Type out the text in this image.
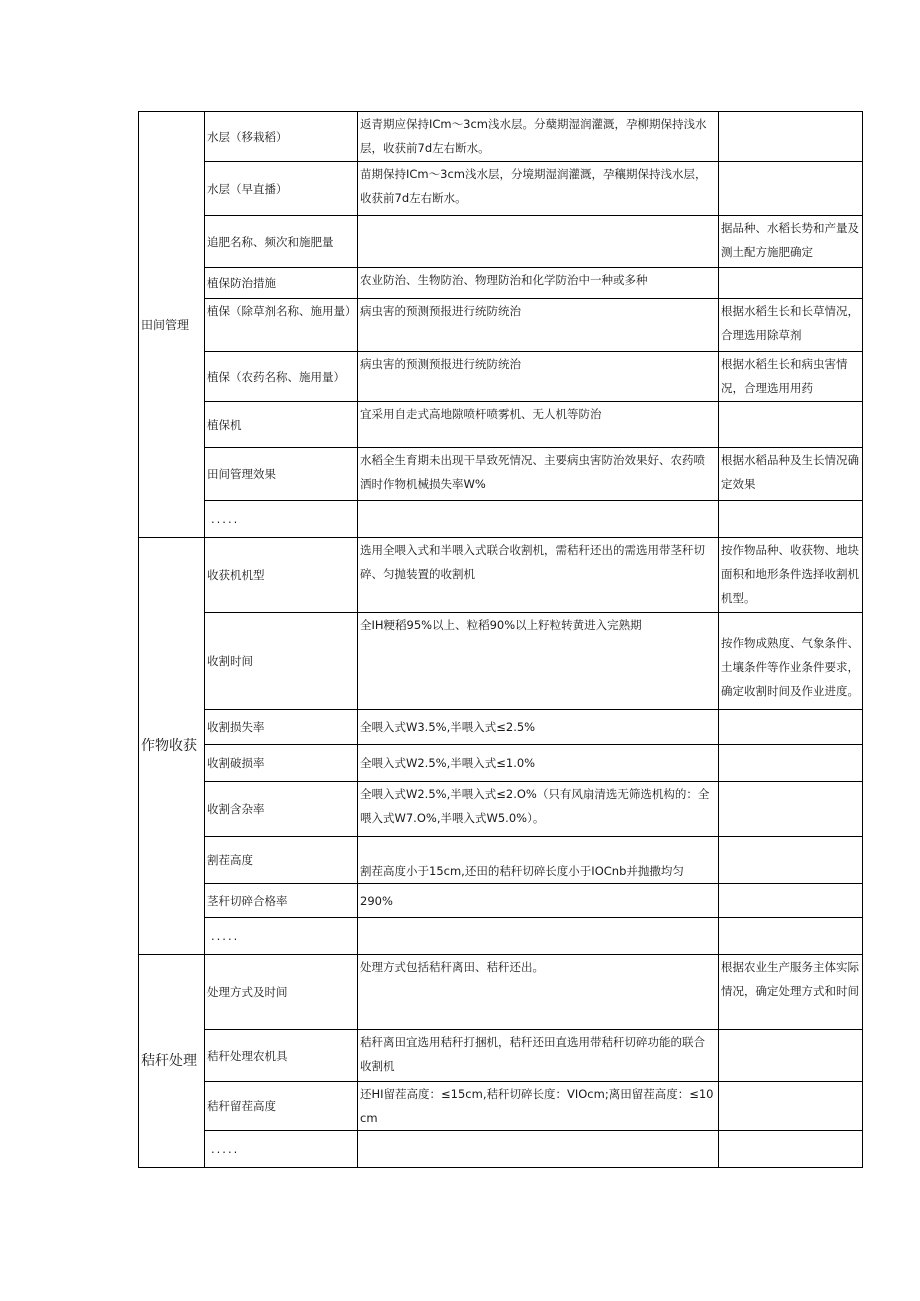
田间管理	水层（移栽稻）	返青期应保持ICm～3cm浅水层。分蘖期湿润灌溉，孕柳期保持浅水层，收获前7d左右断水。	
	水层（早直播）	苗期保持ICm～3cm浅水层，分境期湿润灌溉，孕穰期保持浅水层，收获前7d左右断水。	
	追肥名称、频次和施肥量		据品种、水稻长势和产量及测土配方施肥确定
	植保防治措施	农业防治、生物防治、物理防治和化学防治中一种或多种	
	植保（除草剂名称、施用量）	病虫害的预测预报进行统防统治	根据水稻生长和长草情况，合理选用除草剂
	植保（农药名称、施用量）	病虫害的预测预报进行统防统治	根据水稻生长和病虫害情况，合理选用用药
	植保机	宜采用自走式高地隙喷杆喷雾机、无人机等防治	
	田间管理效果	水稻全生育期未出现干旱致死情况、主要病虫害防治效果好、农药喷洒时作物机械损失率W%	根据水稻品种及生长情况确定效果
	.....		
作物收获	收获机机型	选用全喂入式和半喂入式联合收割机，需秸秆还出的需选用带茎秆切碎、匀抛装置的收割机	按作物品种、收获物、地块面积和地形条件选择收割机机型。
	收割时间	全IH粳稻95%以上、粒稻90%以上籽粒转黄进入完熟期	按作物成熟度、气象条件、土壤条件等作业条件要求，确定收割时间及作业进度。
	收割损失率	全喂入式W3.5%,半喂入式≤2.5%	
	收割破损率	全喂入式W2.5%,半喂入式≤1.0%	
	收割含杂率	全喂入式W2.5%,半喂入式≤2.O%（只有风扇清选无筛选机构的：全喂入式W7.O%,半喂入式W5.0%）。	
	割茬高度	割茬高度小于15cm,还田的秸秆切碎长度小于IOCnb并抛撒均匀	
	茎秆切碎合格率	290%	
	.....		
秸秆处理	处理方式及时间	处理方式包括秸秆离田、秸秆还出。	根据农业生产服务主体实际情况，确定处理方式和时间
	秸秆处理农机具	秸秆离田宜选用秸秆打捆机，秸秆还田直选用带秸秆切碎功能的联合收割机	
	秸秆留茬高度	还HI留茬高度：≤15cm,秸秆切碎长度：VIOcm;离田留茬高度：≤10cm	
	.....		
